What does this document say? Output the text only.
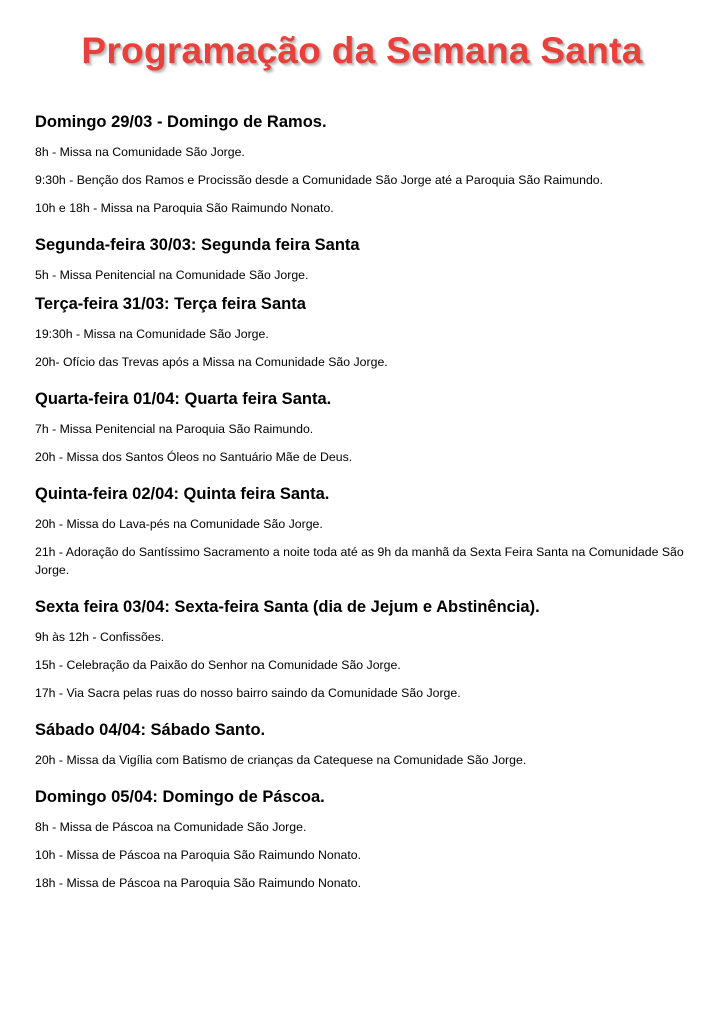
Programação da Semana Santa
Domingo 29/03 - Domingo de Ramos.
8h - Missa na Comunidade São Jorge.
9:30h - Benção dos Ramos e Procissão desde a Comunidade São Jorge até a Paroquia São Raimundo.
10h e 18h - Missa na Paroquia São Raimundo Nonato.
Segunda-feira 30/03: Segunda feira Santa
5h - Missa Penitencial na Comunidade São Jorge.
Terça-feira 31/03: Terça feira Santa
19:30h - Missa na Comunidade São Jorge.
20h- Ofício das Trevas após a Missa na Comunidade São Jorge.
Quarta-feira 01/04: Quarta feira Santa.
7h - Missa Penitencial na Paroquia São Raimundo.
20h - Missa dos Santos Óleos no Santuário Mãe de Deus.
Quinta-feira 02/04: Quinta feira Santa.
20h - Missa do Lava-pés na Comunidade São Jorge.
21h - Adoração do Santíssimo Sacramento a noite toda até as 9h da manhã da Sexta Feira Santa na Comunidade São Jorge.
Sexta feira 03/04: Sexta-feira Santa (dia de Jejum e Abstinência).
9h às 12h - Confissões.
15h - Celebração da Paixão do Senhor na Comunidade São Jorge.
17h - Via Sacra pelas ruas do nosso bairro saindo da Comunidade São Jorge.
Sábado 04/04: Sábado Santo.
20h - Missa da Vigília com Batismo de crianças da Catequese na Comunidade São Jorge.
Domingo 05/04: Domingo de Páscoa.
8h - Missa de Páscoa na Comunidade São Jorge.
10h - Missa de Páscoa na Paroquia São Raimundo Nonato.
18h - Missa de Páscoa na Paroquia São Raimundo Nonato.
